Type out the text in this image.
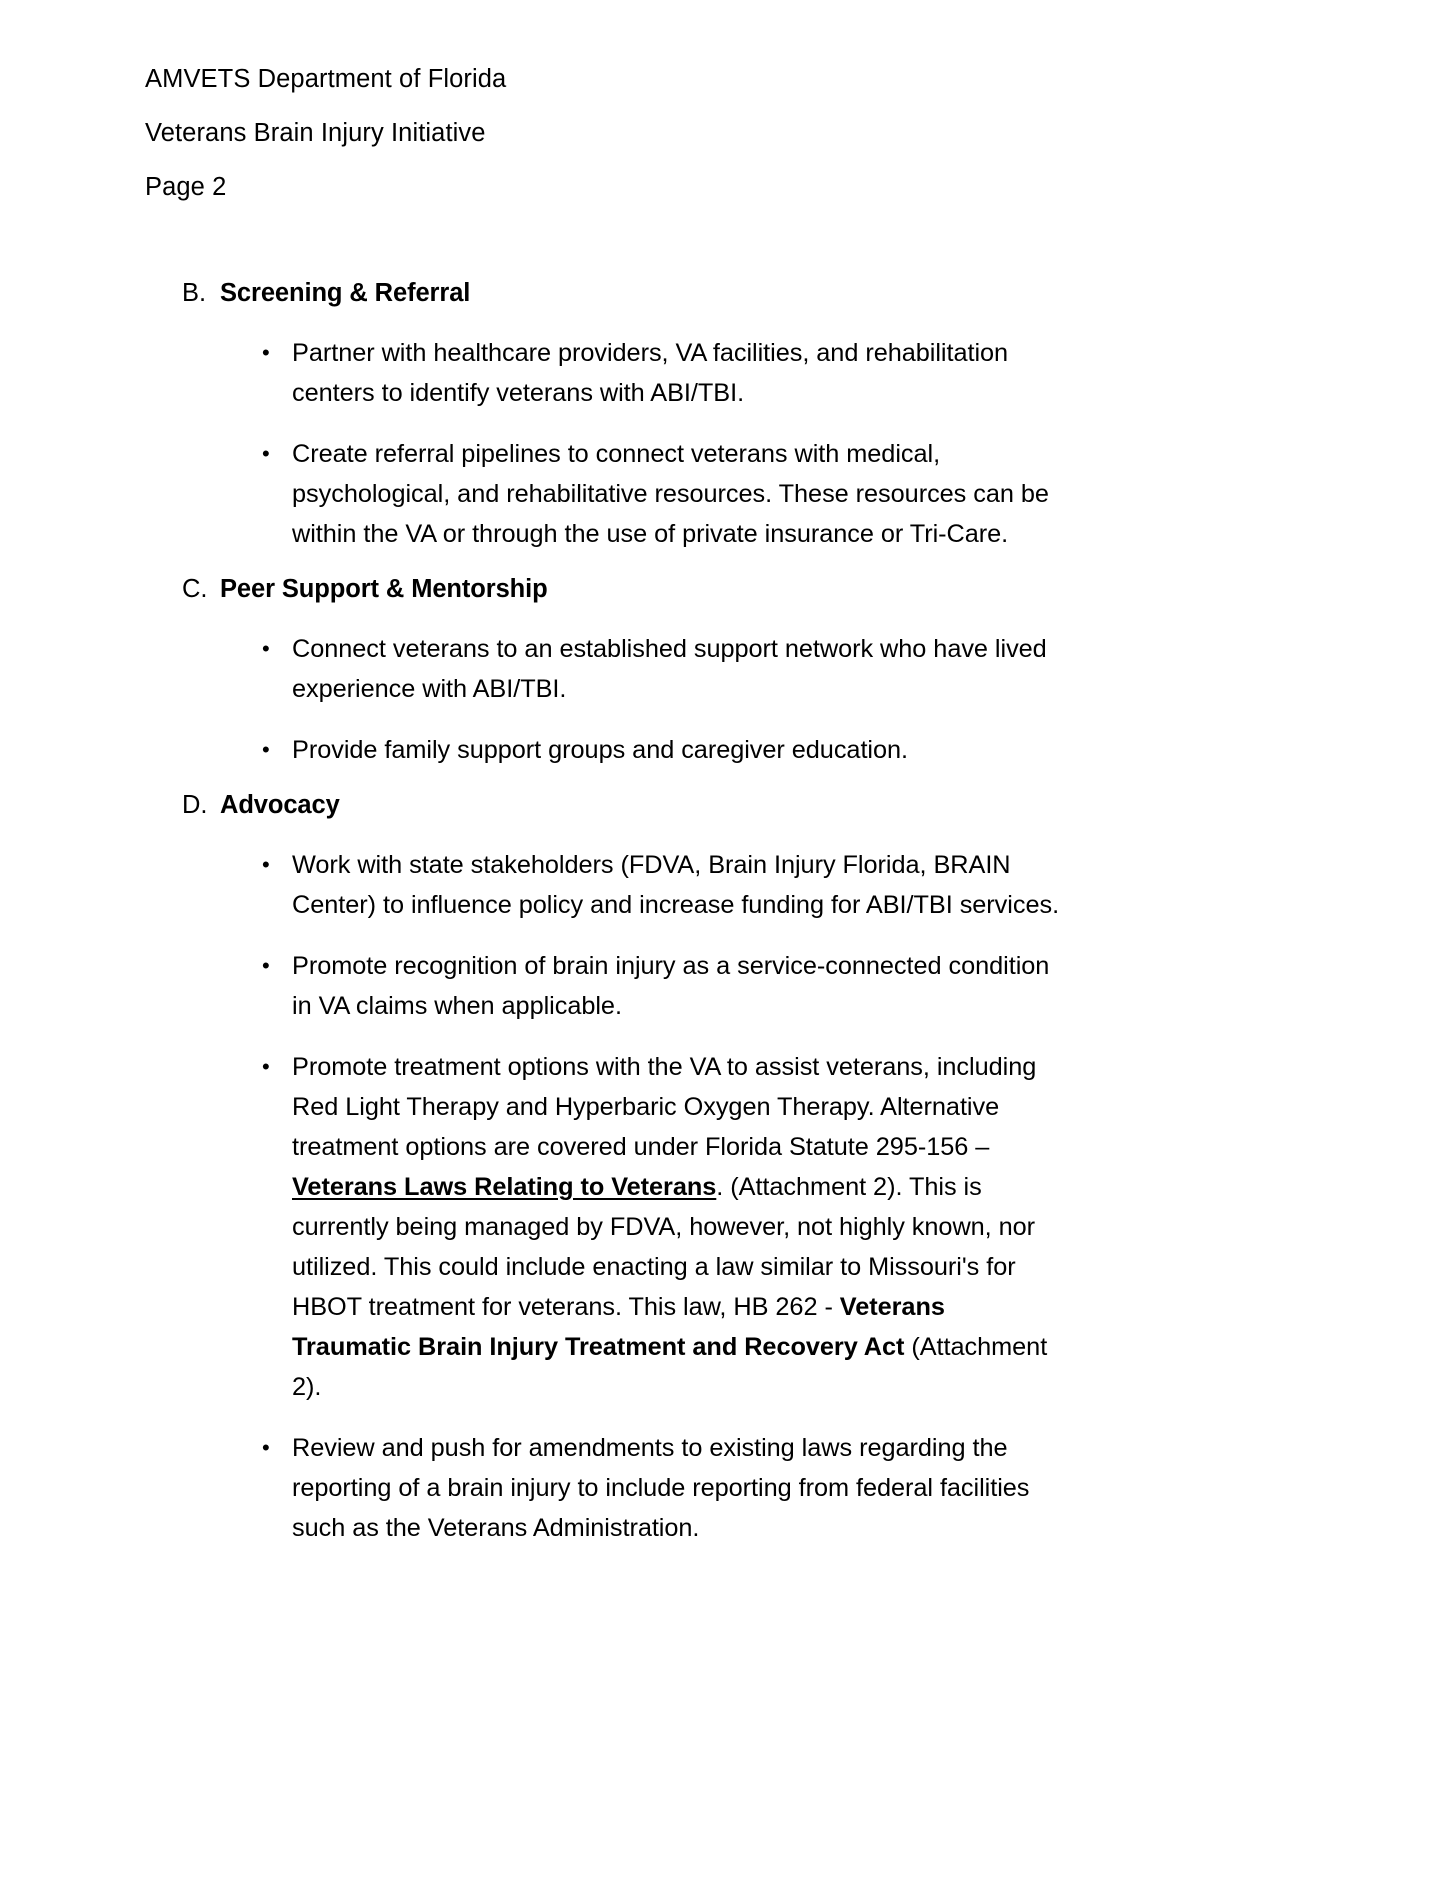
AMVETS Department of Florida
Veterans Brain Injury Initiative
Page 2
B. Screening & Referral
• Partner with healthcare providers, VA facilities, and rehabilitation centers to identify veterans with ABI/TBI.
• Create referral pipelines to connect veterans with medical, psychological, and rehabilitative resources. These resources can be within the VA or through the use of private insurance or Tri-Care.
C. Peer Support & Mentorship
• Connect veterans to an established support network who have lived experience with ABI/TBI.
• Provide family support groups and caregiver education.
D. Advocacy
• Work with state stakeholders (FDVA, Brain Injury Florida, BRAIN Center) to influence policy and increase funding for ABI/TBI services.
• Promote recognition of brain injury as a service-connected condition in VA claims when applicable.
• Promote treatment options with the VA to assist veterans, including Red Light Therapy and Hyperbaric Oxygen Therapy. Alternative treatment options are covered under Florida Statute 295-156 – Veterans Laws Relating to Veterans. (Attachment 2). This is currently being managed by FDVA, however, not highly known, nor utilized. This could include enacting a law similar to Missouri's for HBOT treatment for veterans. This law, HB 262 - Veterans Traumatic Brain Injury Treatment and Recovery Act (Attachment 2).
• Review and push for amendments to existing laws regarding the reporting of a brain injury to include reporting from federal facilities such as the Veterans Administration.
